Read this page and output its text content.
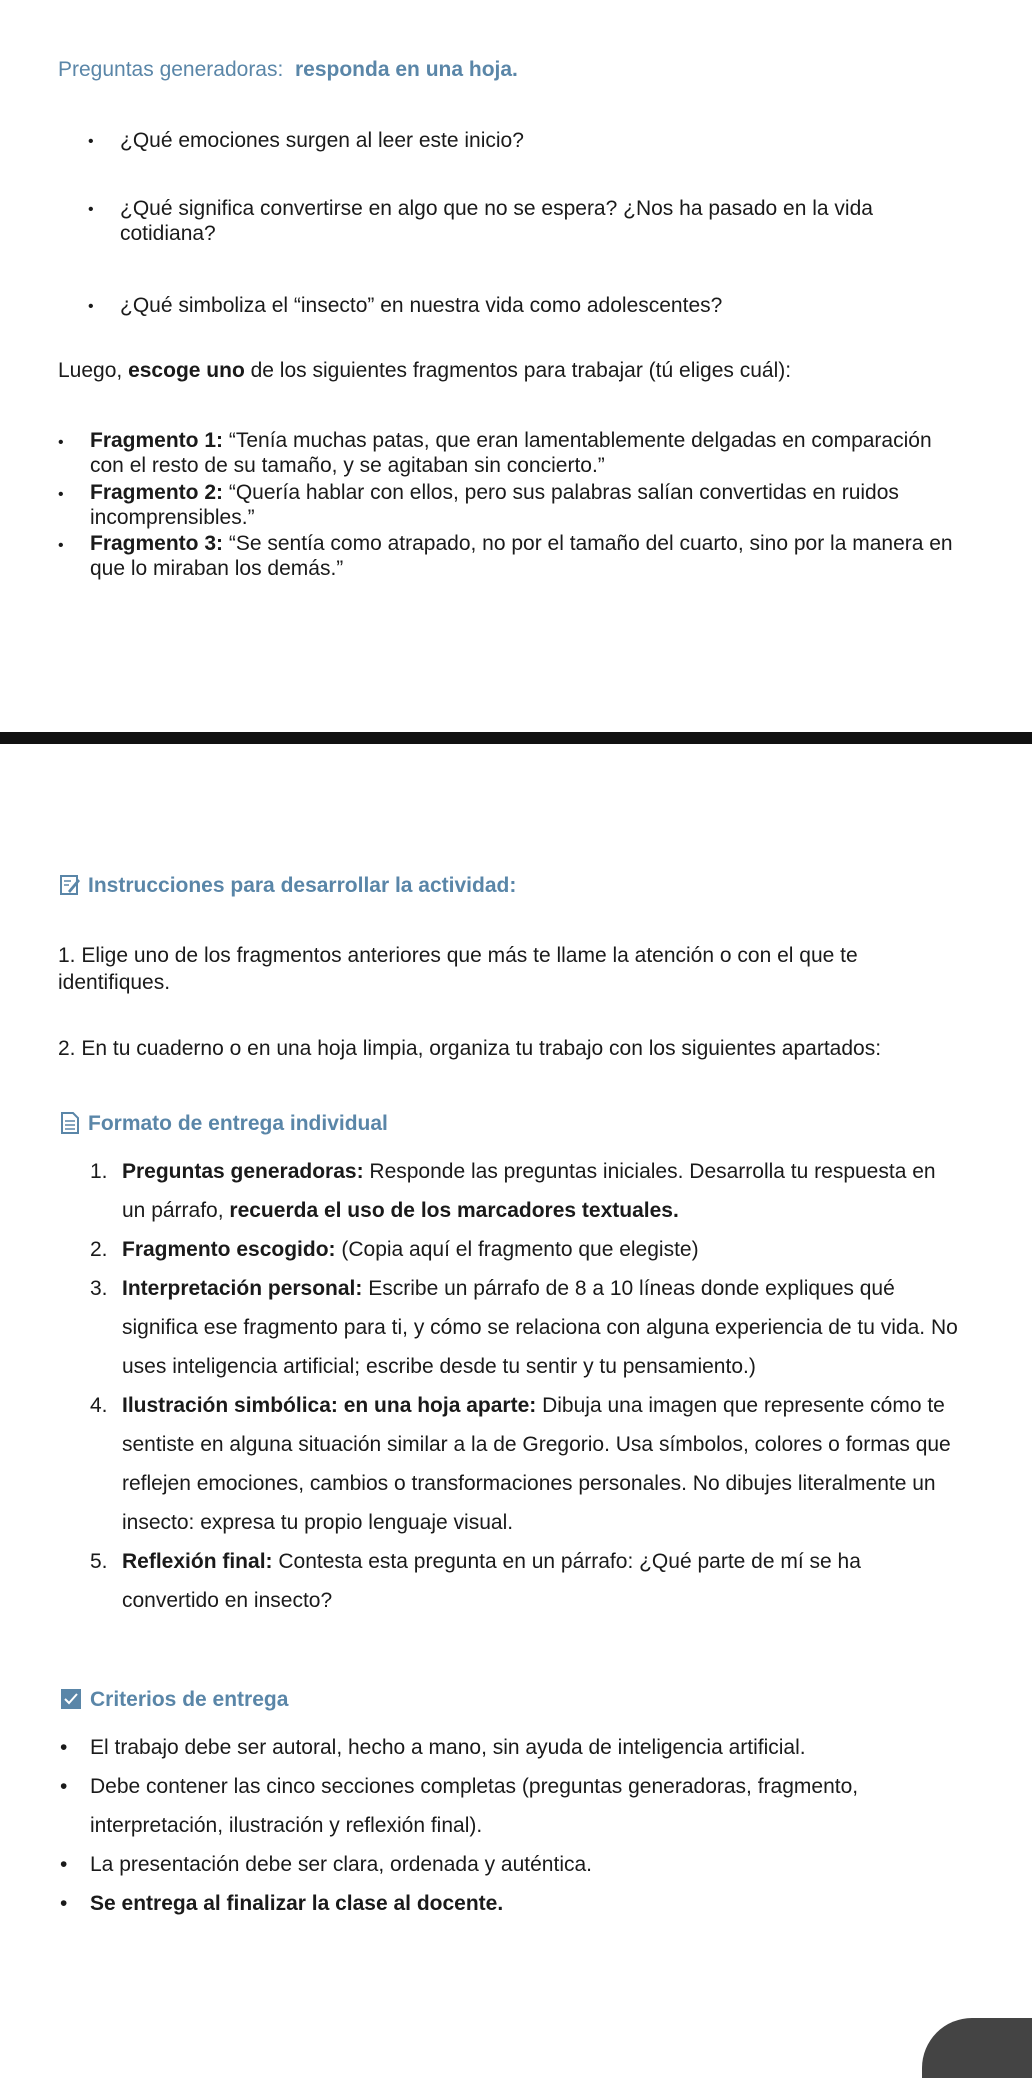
Preguntas generadoras: responda en una hoja.
• ¿Qué emociones surgen al leer este inicio?
• ¿Qué significa convertirse en algo que no se espera? ¿Nos ha pasado en la vida cotidiana?
• ¿Qué simboliza el “insecto” en nuestra vida como adolescentes?
Luego, escoge uno de los siguientes fragmentos para trabajar (tú eliges cuál):
• Fragmento 1: “Tenía muchas patas, que eran lamentablemente delgadas en comparación con el resto de su tamaño, y se agitaban sin concierto.”
• Fragmento 2: “Quería hablar con ellos, pero sus palabras salían convertidas en ruidos incomprensibles.”
• Fragmento 3: “Se sentía como atrapado, no por el tamaño del cuarto, sino por la manera en que lo miraban los demás.”
Instrucciones para desarrollar la actividad:
1. Elige uno de los fragmentos anteriores que más te llame la atención o con el que te identifiques.
2. En tu cuaderno o en una hoja limpia, organiza tu trabajo con los siguientes apartados:
Formato de entrega individual
1. Preguntas generadoras: Responde las preguntas iniciales. Desarrolla tu respuesta en un párrafo, recuerda el uso de los marcadores textuales.
2. Fragmento escogido: (Copia aquí el fragmento que elegiste)
3. Interpretación personal: Escribe un párrafo de 8 a 10 líneas donde expliques qué significa ese fragmento para ti, y cómo se relaciona con alguna experiencia de tu vida. No uses inteligencia artificial; escribe desde tu sentir y tu pensamiento.)
4. Ilustración simbólica: en una hoja aparte: Dibuja una imagen que represente cómo te sentiste en alguna situación similar a la de Gregorio. Usa símbolos, colores o formas que reflejen emociones, cambios o transformaciones personales. No dibujes literalmente un insecto: expresa tu propio lenguaje visual.
5. Reflexión final: Contesta esta pregunta en un párrafo: ¿Qué parte de mí se ha convertido en insecto?
Criterios de entrega
• El trabajo debe ser autoral, hecho a mano, sin ayuda de inteligencia artificial.
• Debe contener las cinco secciones completas (preguntas generadoras, fragmento, interpretación, ilustración y reflexión final).
• La presentación debe ser clara, ordenada y auténtica.
• Se entrega al finalizar la clase al docente.
